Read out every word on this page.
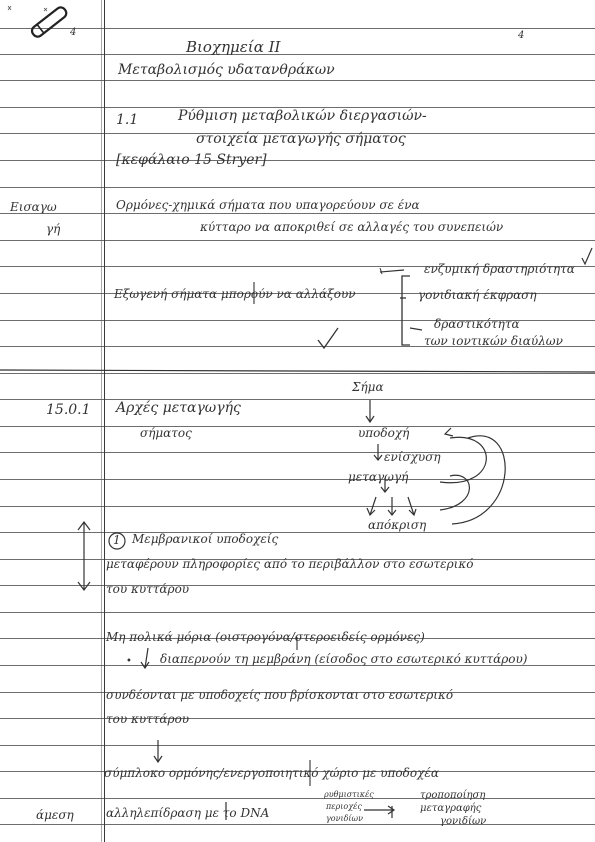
1
4	4
Βιοχημεία ΙΙ
Μεταβολισμός υδατανθράκων
1.1	Ρύθμιση μεταβολικών διεργασιών-
στοιχεία μεταγωγής σήματος
[κεφάλαιο 15 Stryer]
Εισαγω
γή
Ορμόνες-χημικά σήματα που υπαγορεύουν σε ένα
κύτταρο να αποκριθεί σε αλλαγές του συνεπειών
ενζυμική δραστηριότητα
Εξωγενή σήματα μπορούν να αλλάξουν	γονιδιακή έκφραση
δραστικότητα
των ιοντικών διαύλων
15.0.1 Αρχές μεταγωγής
σήματος
Σήμα
υποδοχή
ενίσχυση
μεταγωγή
απόκριση
Μεμβρανικοί υποδοχείς
μεταφέρουν πληροφορίες από το περιβάλλον στο εσωτερικό
του κυττάρου
Μη πολικά μόρια (οιστρογόνα/στεροειδείς ορμόνες)
• διαπερνούν τη μεμβράνη (είσοδος στο εσωτερικό κυττάρου)
συνδέονται με υποδοχείς που βρίσκονται στο εσωτερικό
του κυττάρου
σύμπλοκο ορμόνης/ενεργοποιητικό χώριο με υποδοχέα
άμεση	αλληλεπίδραση με το DNA
ρυθμιστικές
περιοχές
γονιδίων
τροποποίηση
μεταγραφής
γονιδίων
